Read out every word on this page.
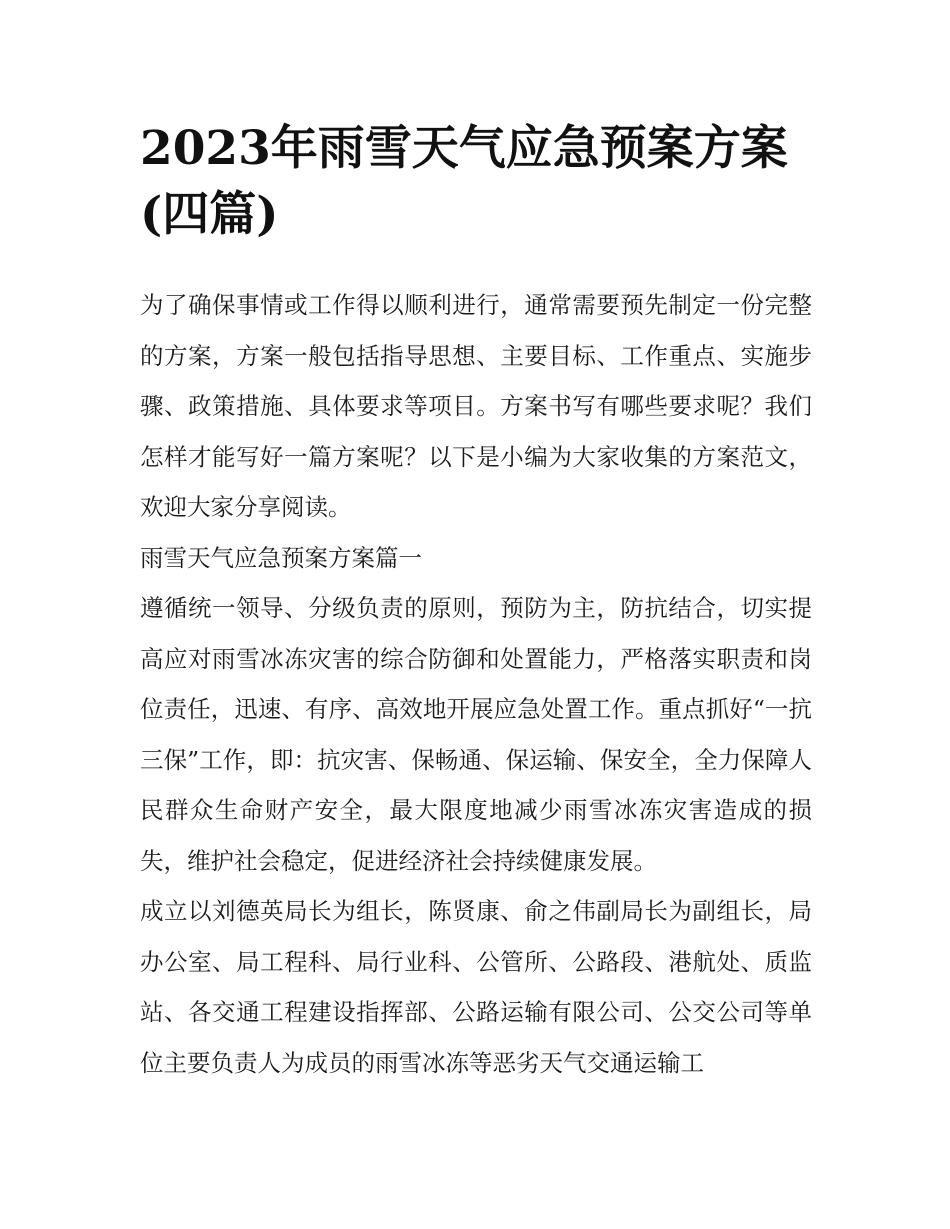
2023年雨雪天气应急预案方案(四篇)

为了确保事情或工作得以顺利进行，通常需要预先制定一份完整的方案，方案一般包括指导思想、主要目标、工作重点、实施步骤、政策措施、具体要求等项目。方案书写有哪些要求呢？我们怎样才能写好一篇方案呢？以下是小编为大家收集的方案范文，欢迎大家分享阅读。

雨雪天气应急预案方案篇一

遵循统一领导、分级负责的原则，预防为主，防抗结合，切实提高应对雨雪冰冻灾害的综合防御和处置能力，严格落实职责和岗位责任，迅速、有序、高效地开展应急处置工作。重点抓好“一抗三保”工作，即：抗灾害、保畅通、保运输、保安全，全力保障人民群众生命财产安全，最大限度地减少雨雪冰冻灾害造成的损失，维护社会稳定，促进经济社会持续健康发展。

成立以刘德英局长为组长，陈贤康、俞之伟副局长为副组长，局办公室、局工程科、局行业科、公管所、公路段、港航处、质监站、各交通工程建设指挥部、公路运输有限公司、公交公司等单位主要负责人为成员的雨雪冰冻等恶劣天气交通运输工
